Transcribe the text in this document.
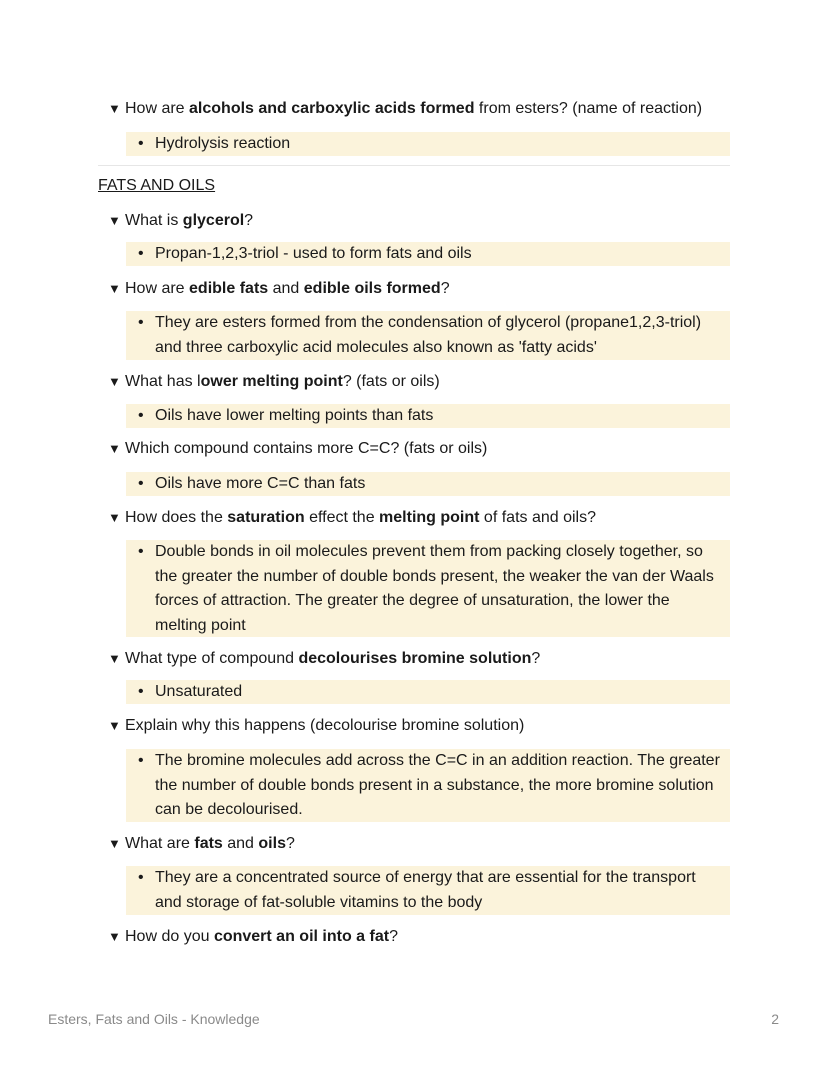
▼ How are alcohols and carboxylic acids formed from esters? (name of reaction)
• Hydrolysis reaction
FATS AND OILS
▼ What is glycerol?
• Propan-1,2,3-triol - used to form fats and oils
▼ How are edible fats and edible oils formed?
• They are esters formed from the condensation of glycerol (propane1,2,3-triol)
and three carboxylic acid molecules also known as 'fatty acids'
▼ What has lower melting point? (fats or oils)
• Oils have lower melting points than fats
▼ Which compound contains more C=C? (fats or oils)
• Oils have more C=C than fats
▼ How does the saturation effect the melting point of fats and oils?
• Double bonds in oil molecules prevent them from packing closely together, so
the greater the number of double bonds present, the weaker the van der Waals
forces of attraction. The greater the degree of unsaturation, the lower the
melting point
▼ What type of compound decolourises bromine solution?
• Unsaturated
▼ Explain why this happens (decolourise bromine solution)
• The bromine molecules add across the C=C in an addition reaction. The greater
the number of double bonds present in a substance, the more bromine solution
can be decolourised.
▼ What are fats and oils?
• They are a concentrated source of energy that are essential for the transport
and storage of fat-soluble vitamins to the body
▼ How do you convert an oil into a fat?
Esters, Fats and Oils - Knowledge	2
